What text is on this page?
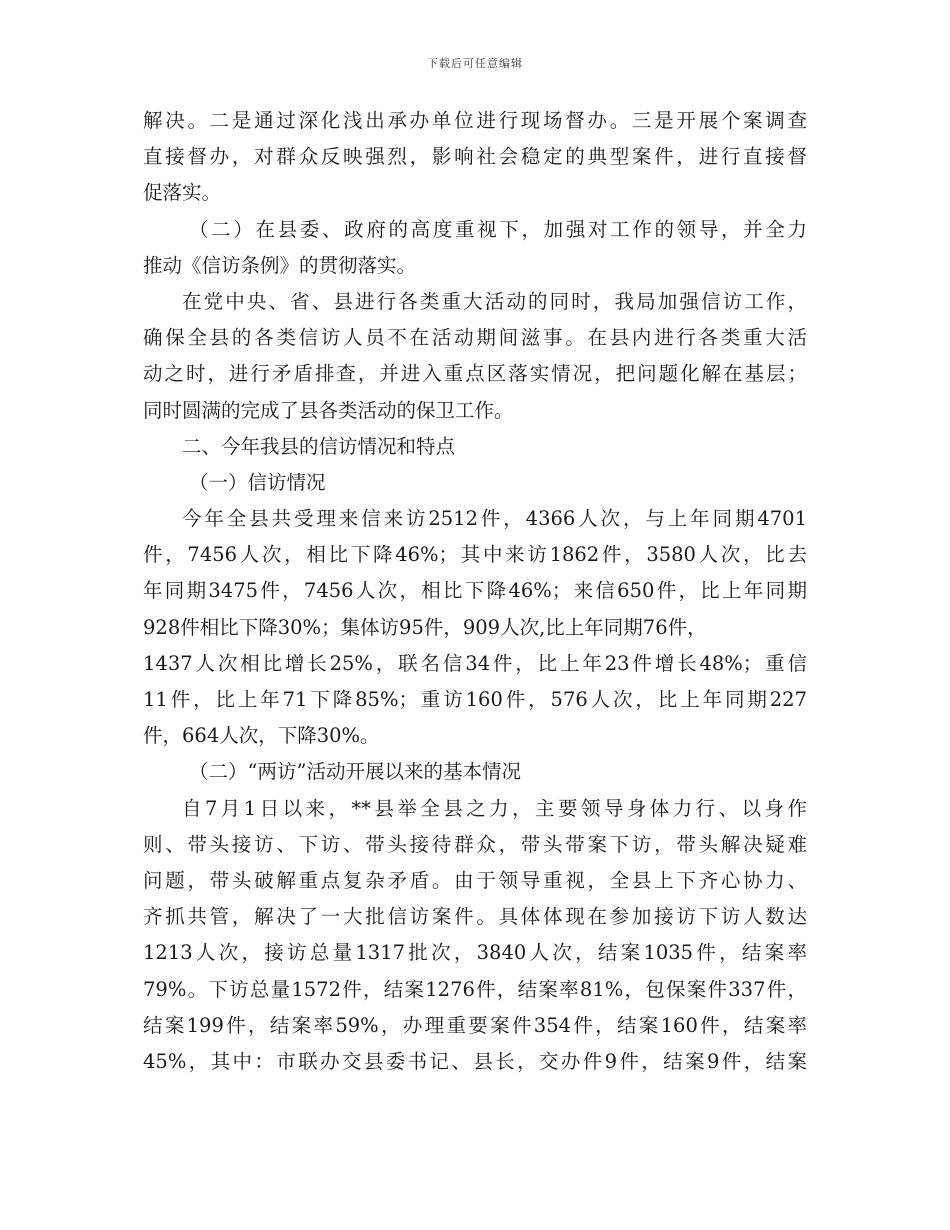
下载后可任意编辑
解决。二是通过深化浅出承办单位进行现场督办。三是开展个案调查
直接督办，对群众反映强烈，影响社会稳定的典型案件，进行直接督
促落实。
（二）在县委、政府的高度重视下，加强对工作的领导，并全力
推动《信访条例》的贯彻落实。
在党中央、省、县进行各类重大活动的同时，我局加强信访工作，
确保全县的各类信访人员不在活动期间滋事。在县内进行各类重大活
动之时，进行矛盾排查，并进入重点区落实情况，把问题化解在基层；
同时圆满的完成了县各类活动的保卫工作。
二、今年我县的信访情况和特点
（一）信访情况
今年全县共受理来信来访2512件，4366人次，与上年同期4701
件，7456人次，相比下降46%；其中来访1862件，3580人次，比去
年同期3475件，7456人次，相比下降46%；来信650件，比上年同期
928件相比下降30%；集体访95件，909人次,比上年同期76件，
1437人次相比增长25%，联名信34件，比上年23件增长48%；重信
11件，比上年71下降85%；重访160件，576人次，比上年同期227
件，664人次，下降30%。
（二）“两访”活动开展以来的基本情况
自7月1日以来，**县举全县之力，主要领导身体力行、以身作
则、带头接访、下访、带头接待群众，带头带案下访，带头解决疑难
问题，带头破解重点复杂矛盾。由于领导重视，全县上下齐心协力、
齐抓共管，解决了一大批信访案件。具体体现在参加接访下访人数达
1213人次，接访总量1317批次，3840人次，结案1035件，结案率
79%。下访总量1572件，结案1276件，结案率81%，包保案件337件，
结案199件，结案率59%，办理重要案件354件，结案160件，结案率
45%，其中：市联办交县委书记、县长，交办件9件，结案9件，结案
